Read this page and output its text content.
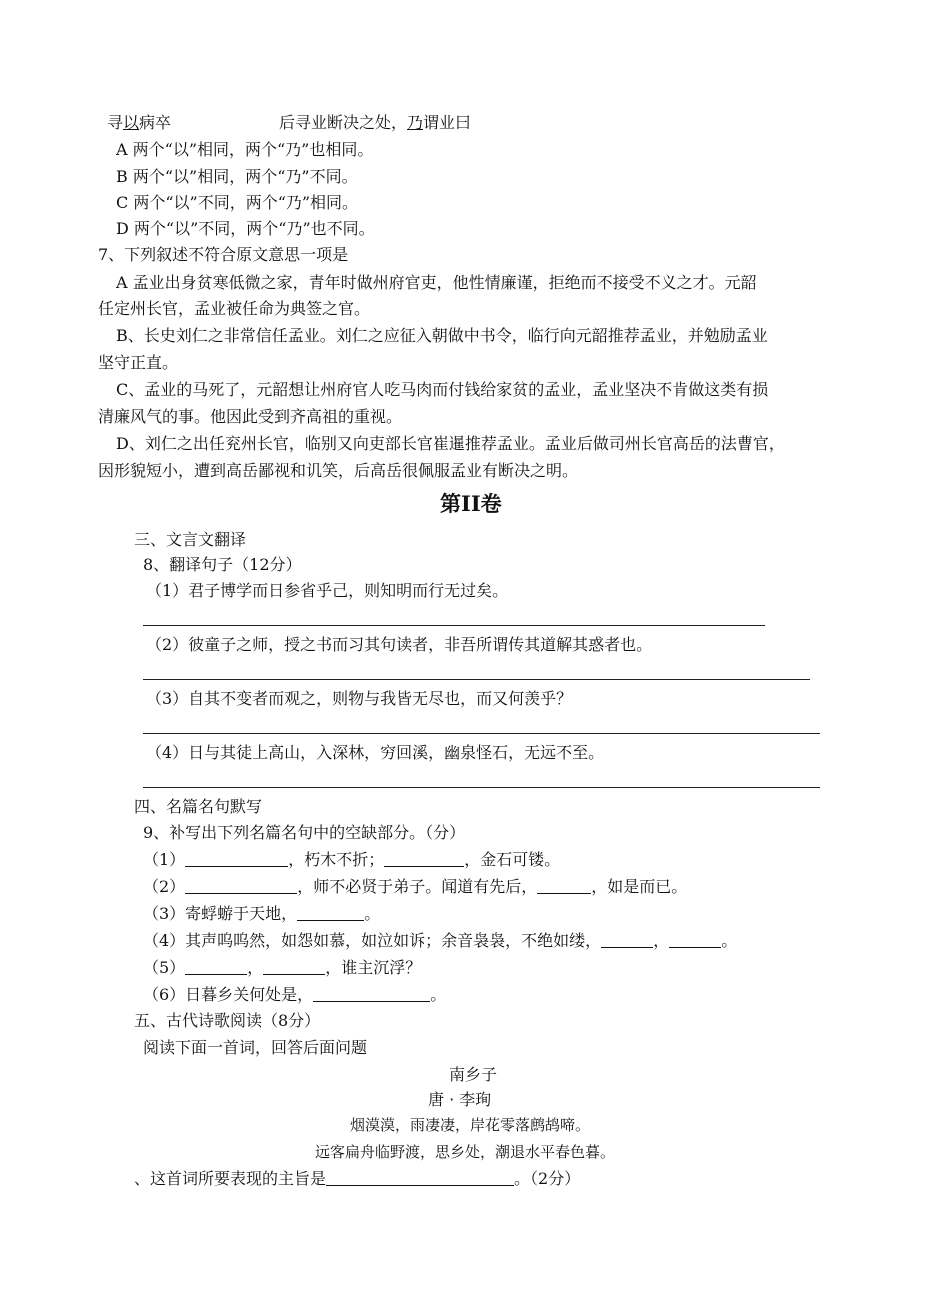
寻以病卒	后寻业断决之处，乃谓业曰
A 两个“以”相同，两个“乃”也相同。
B 两个“以”相同，两个“乃”不同。
C 两个“以”不同，两个“乃”相同。
D 两个“以”不同，两个“乃”也不同。
7、下列叙述不符合原文意思一项是
A 孟业出身贫寒低微之家，青年时做州府官吏，他性情廉谨，拒绝而不接受不义之才。元韶
任定州长官，孟业被任命为典签之官。
B、长史刘仁之非常信任孟业。刘仁之应征入朝做中书令，临行向元韶推荐孟业，并勉励孟业
坚守正直。
C、孟业的马死了，元韶想让州府官人吃马肉而付钱给家贫的孟业，孟业坚决不肯做这类有损
清廉风气的事。他因此受到齐高祖的重视。
D、刘仁之出任兖州长官，临别又向吏部长官崔暹推荐孟业。孟业后做司州长官高岳的法曹官，
因形貌短小，遭到高岳鄙视和讥笑，后高岳很佩服孟业有断决之明。
第II卷
三、文言文翻译
8、翻译句子（12分）
（1）君子博学而日参省乎己，则知明而行无过矣。
（2）彼童子之师，授之书而习其句读者，非吾所谓传其道解其惑者也。
（3）自其不变者而观之，则物与我皆无尽也，而又何羡乎？
（4）日与其徒上高山，入深林，穷回溪，幽泉怪石，无远不至。
四、名篇名句默写
9、补写出下列名篇名句中的空缺部分。（分）
（1）	，朽木不折；	，金石可镂。
（2）	，师不必贤于弟子。闻道有先后，	，如是而已。
（3）寄蜉蝣于天地，	。
（4）其声呜呜然，如怨如慕，如泣如诉；余音袅袅，不绝如缕，	，	。
（5）	，	，谁主沉浮？
（6）日暮乡关何处是，	。
五、古代诗歌阅读（8分）
阅读下面一首词，回答后面问题
南乡子
唐 · 李珣
烟漠漠，雨凄凄，岸花零落鹧鸪啼。
远客扁舟临野渡，思乡处，潮退水平春色暮。
、这首词所要表现的主旨是	。（2分）
